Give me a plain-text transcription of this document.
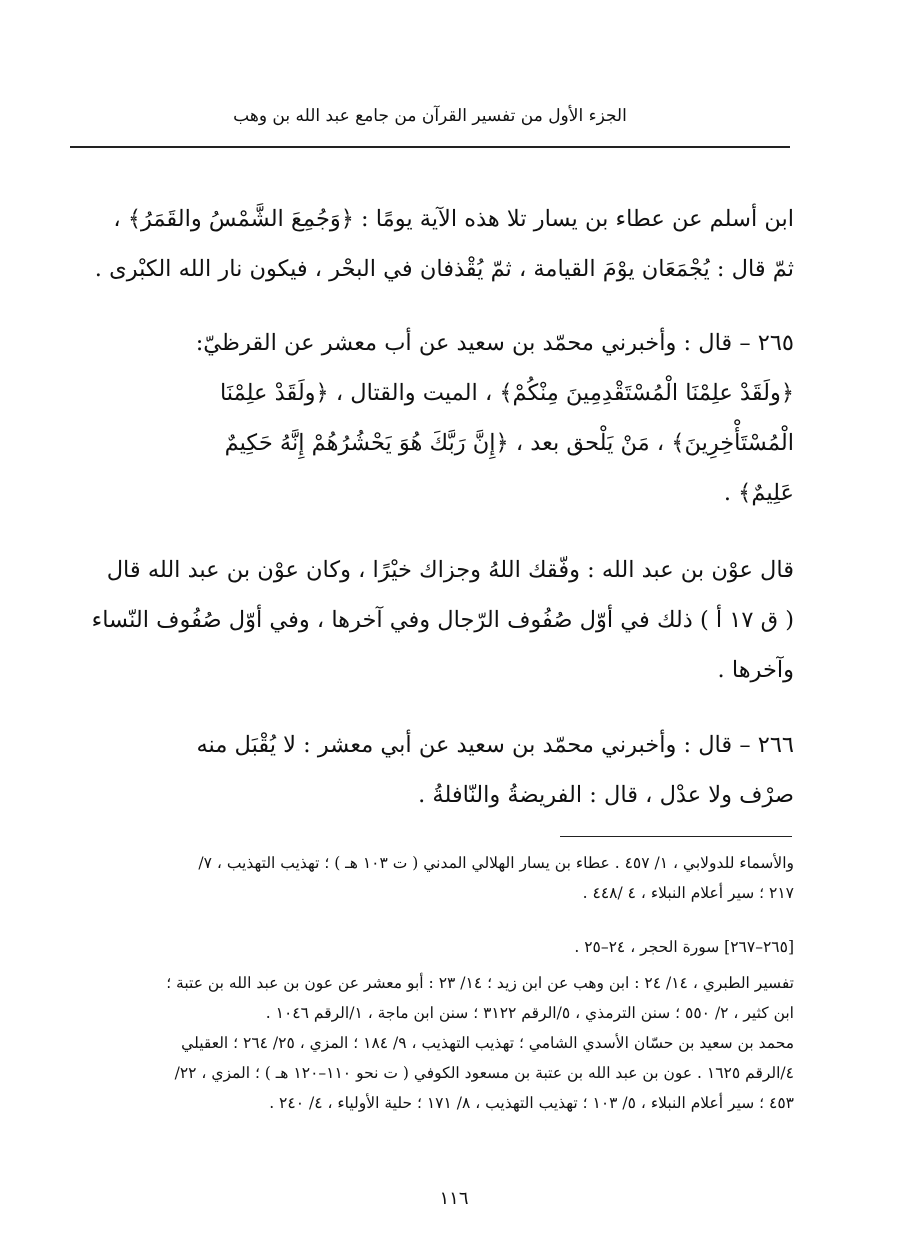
الجزء الأول من تفسير القرآن من جامع عبد الله بن وهب

ابن أسلم عن عطاء بن يسار تلا هذه الآية يومًا : ﴿وَجُمِعَ الشَّمْسُ والقَمَرُ﴾ ،

ثمّ قال : يُجْمَعَان يوْمَ القيامة ، ثمّ يُقْذفان في البحْر ، فيكون نار الله الكبْرى .

٢٦٥ – قال : وأخبرني محمّد بن سعيد عن أب معشر عن القرظيّ:

﴿ولَقَدْ علِمْنَا الْمُسْتَقْدِمِينَ مِنْكُمْ﴾ ، الميت والقتال ، ﴿ولَقَدْ علِمْنَا

الْمُسْتَأْخِرِينَ﴾ ، مَنْ يَلْحق بعد ، ﴿إِنَّ رَبَّكَ هُوَ يَحْشُرُهُمْ إِنَّهُ حَكِيمٌ

عَلِيمٌ﴾ .

قال عوْن بن عبد الله : وفّقك اللهُ وجزاك خيْرًا ، وكان عوْن بن عبد الله قال

( ق ١٧ أ ) ذلك في أوّل صُفُوف الرّجال وفي آخرها ، وفي أوّل صُفُوف النّساء

وآخرها .

٢٦٦ – قال : وأخبرني محمّد بن سعيد عن أبي معشر : لا يُقْبَل منه

صرْف ولا عدْل ، قال : الفريضةُ والنّافلةُ .

والأسماء للدولابي ، ١/ ٤٥٧ . عطاء بن يسار الهلالي المدني ( ت ١٠٣ هـ ) ؛ تهذيب التهذيب ، ٧/

٢١٧ ؛ سير أعلام النبلاء ، ٤ /٤٤٨ .

[٢٦٥–٢٦٧] سورة الحجر ، ٢٤–٢٥ .

تفسير الطبري ، ١٤/ ٢٤ : ابن وهب عن ابن زيد ؛ ١٤/ ٢٣ : أبو معشر عن عون بن عبد الله بن عتبة ؛

ابن كثير ، ٢/ ٥٥٠ ؛ سنن الترمذي ، ٥/الرقم ٣١٢٢ ؛ سنن ابن ماجة ، ١/الرقم ١٠٤٦ .

محمد بن سعيد بن حسّان الأسدي الشامي ؛ تهذيب التهذيب ، ٩/ ١٨٤ ؛ المزي ، ٢٥/ ٢٦٤ ؛ العقيلي

٤/الرقم ١٦٢٥ . عون بن عبد الله بن عتبة بن مسعود الكوفي ( ت نحو ١١٠–١٢٠ هـ ) ؛ المزي ، ٢٢/

٤٥٣ ؛ سير أعلام النبلاء ، ٥/ ١٠٣ ؛ تهذيب التهذيب ، ٨/ ١٧١ ؛ حلية الأولياء ، ٤/ ٢٤٠ .

١١٦
